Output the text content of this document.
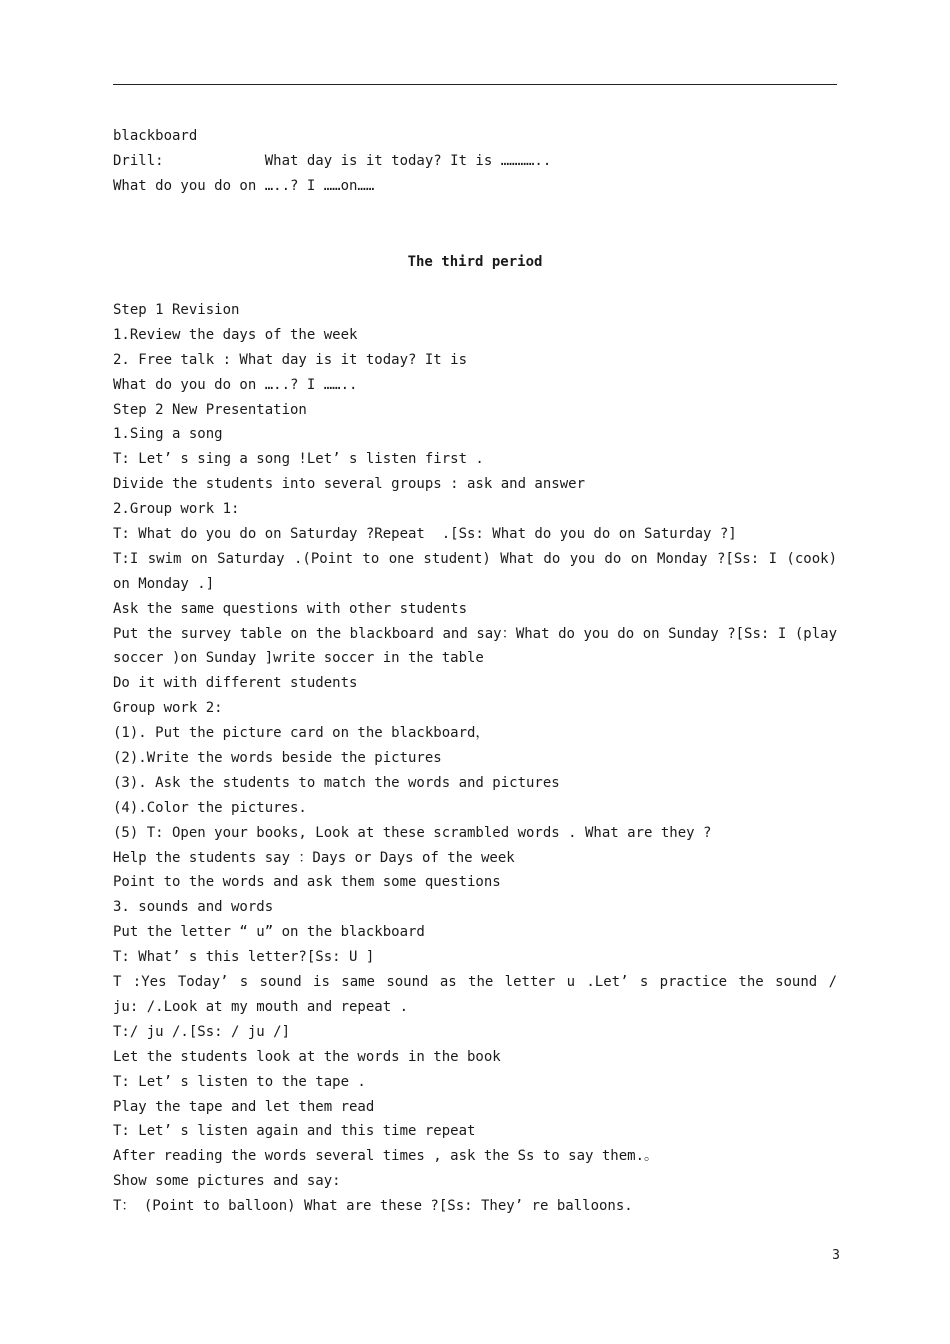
blackboard
Drill:            What day is it today? It is …………..
What do you do on …..? I ……on……
The third period
Step 1 Revision
1.Review the days of the week
2. Free talk : What day is it today? It is
What do you do on …..? I ……..
Step 2 New Presentation
1.Sing a song
T: Let’ s sing a song !Let’ s listen first .
Divide the students into several groups : ask and answer
2.Group work 1:
T: What do you do on Saturday ?Repeat  .[Ss: What do you do on Saturday ?]
T:I swim on Saturday .(Point to one student) What do you do on Monday ?[Ss: I (cook)
on Monday .]
Ask the same questions with other students
Put the survey table on the blackboard and say：What do you do on Sunday ?[Ss: I (play
soccer )on Sunday ]write soccer in the table
Do it with different students
Group work 2:
(1). Put the picture card on the blackboard，
(2).Write the words beside the pictures
(3). Ask the students to match the words and pictures
(4).Color the pictures.
(5) T: Open your books, Look at these scrambled words . What are they ?
Help the students say ：Days or Days of the week
Point to the words and ask them some questions
3. sounds and words
Put the letter “ u” on the blackboard
T: What’ s this letter?[Ss: U ]
T :Yes Today’ s sound is same sound as the letter u .Let’ s practice the sound /
ju: /.Look at my mouth and repeat .
T:/ ju /.[Ss: / ju /]
Let the students look at the words in the book
T: Let’ s listen to the tape .
Play the tape and let them read
T: Let’ s listen again and this time repeat
After reading the words several times , ask the Ss to say them.。
Show some pictures and say:
T： (Point to balloon) What are these ?[Ss: They’ re balloons.
3
